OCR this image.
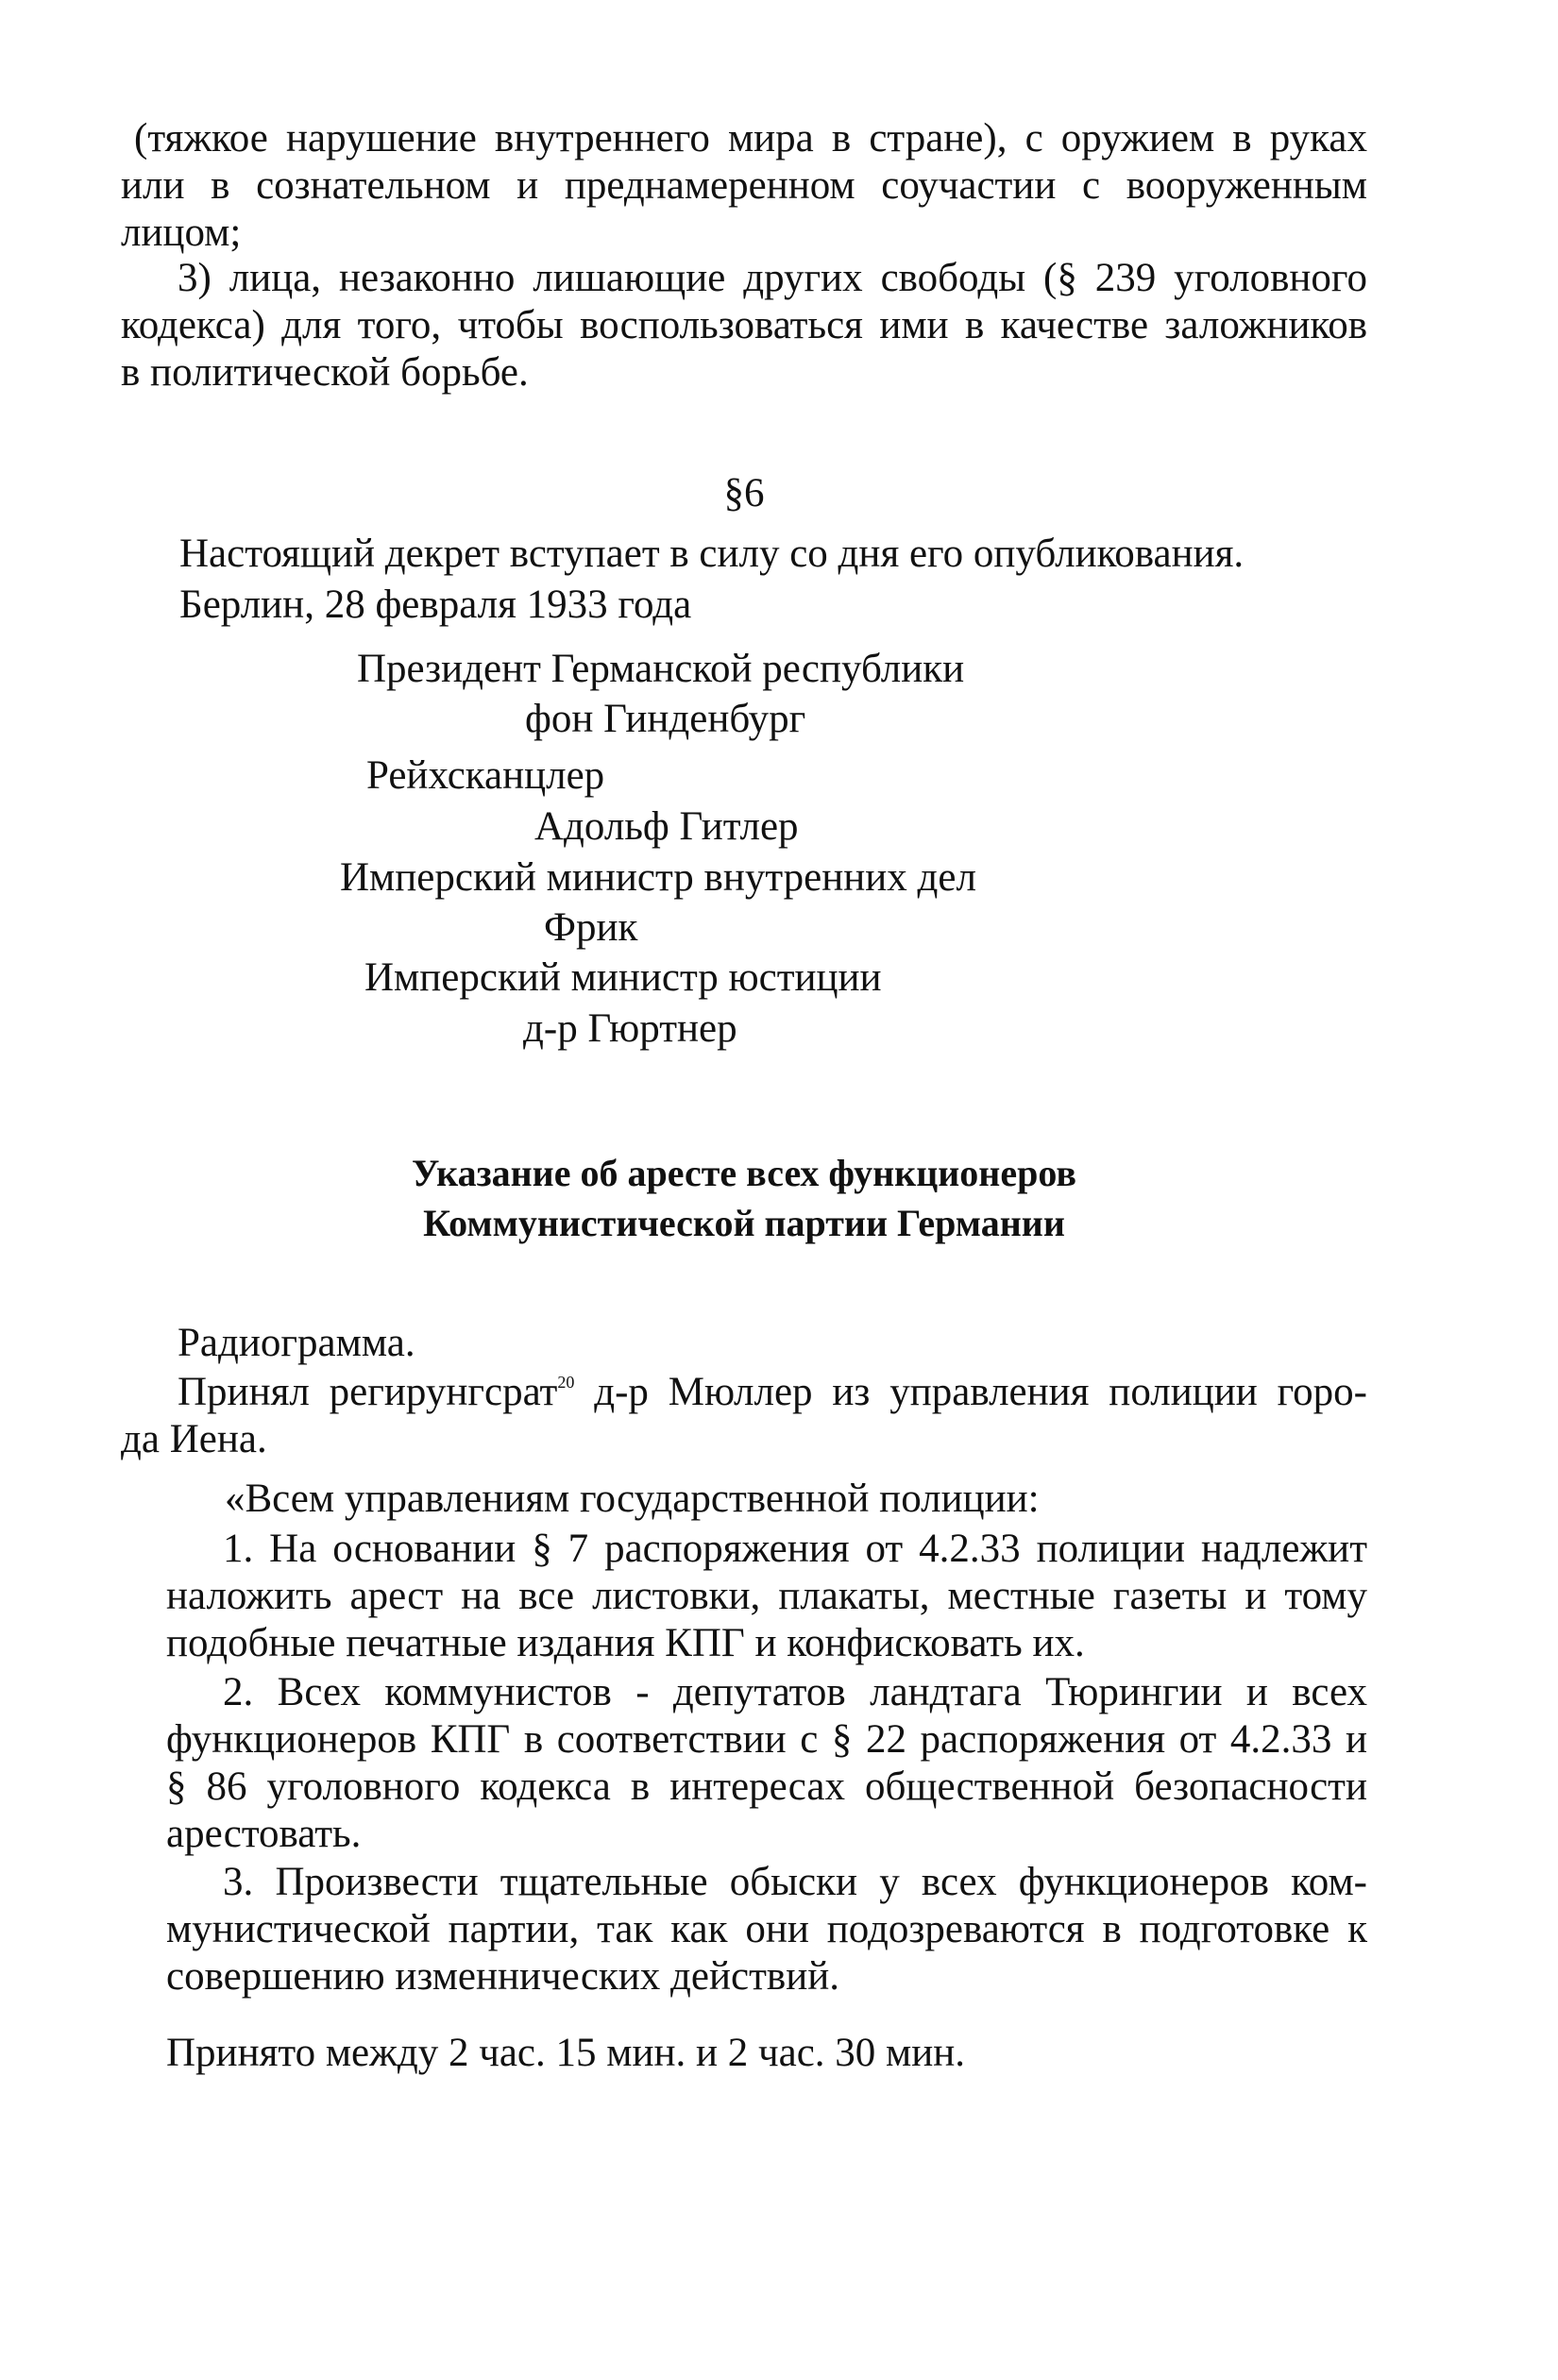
(тяжкое нарушение внутреннего мира в стране), с оружием в руках
или в сознательном и преднамеренном соучастии с вооруженным
лицом;
3) лица, незаконно лишающие других свободы (§ 239 уголовного
кодекса) для того, чтобы воспользоваться ими в качестве заложников
в политической борьбе.
§6
Настоящий декрет вступает в силу со дня его опубликования.
Берлин, 28 февраля 1933 года
Президент Германской республики
фон Гинденбург
Рейхсканцлер
Адольф Гитлер
Имперский министр внутренних дел
Фрик
Имперский министр юстиции
д-р Гюртнер
Указание об аресте всех функционеров
Коммунистической партии Германии
Радиограмма.
Принял регирунгсрат$^{20}$ д-р Мюллер из управления полиции горо-
да Иена.
«Всем управлениям государственной полиции:
1. На основании § 7 распоряжения от 4.2.33 полиции надлежит
наложить арест на все листовки, плакаты, местные газеты и тому
подобные печатные издания КПГ и конфисковать их.
2. Всех коммунистов - депутатов ландтага Тюрингии и всех
функционеров КПГ в соответствии с § 22 распоряжения от 4.2.33 и
§ 86 уголовного кодекса в интересах общественной безопасности
арестовать.
3. Произвести тщательные обыски у всех функционеров ком-
мунистической партии, так как они подозреваются в подготовке к
совершению изменнических действий.
Принято между 2 час. 15 мин. и 2 час. 30 мин.
